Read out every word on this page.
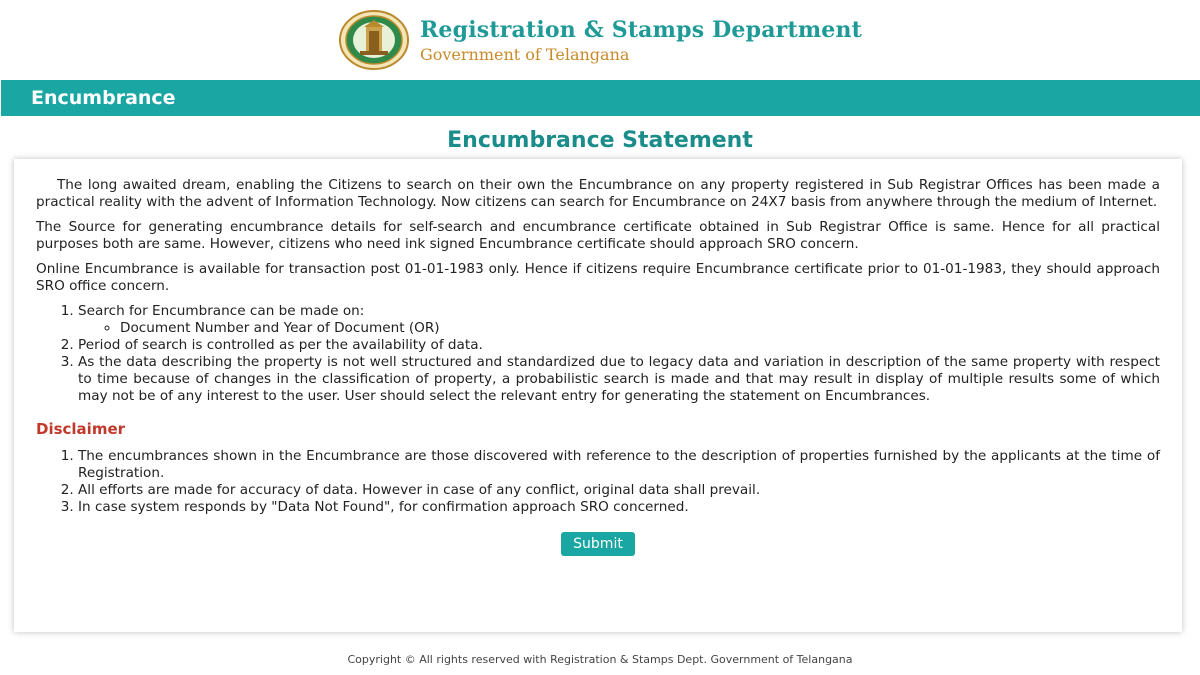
Registration & Stamps Department
Government of Telangana
Encumbrance
Encumbrance Statement

The long awaited dream, enabling the Citizens to search on their own the Encumbrance on any property registered in Sub Registrar Offices has been made a practical reality with the advent of Information Technology. Now citizens can search for Encumbrance on 24X7 basis from anywhere through the medium of Internet.

The Source for generating encumbrance details for self-search and encumbrance certificate obtained in Sub Registrar Office is same. Hence for all practical purposes both are same. However, citizens who need ink signed Encumbrance certificate should approach SRO concern.

Online Encumbrance is available for transaction post 01-01-1983 only. Hence if citizens require Encumbrance certificate prior to 01-01-1983, they should approach SRO office concern.

1. Search for Encumbrance can be made on:
◦ Document Number and Year of Document (OR)
2. Period of search is controlled as per the availability of data.
3. As the data describing the property is not well structured and standardized due to legacy data and variation in description of the same property with respect to time because of changes in the classification of property, a probabilistic search is made and that may result in display of multiple results some of which may not be of any interest to the user. User should select the relevant entry for generating the statement on Encumbrances.
Disclaimer
1. The encumbrances shown in the Encumbrance are those discovered with reference to the description of properties furnished by the applicants at the time of Registration.
2. All efforts are made for accuracy of data. However in case of any conflict, original data shall prevail.
3. In case system responds by "Data Not Found", for confirmation approach SRO concerned.
Submit
Copyright © All rights reserved with Registration & Stamps Dept. Government of Telangana
